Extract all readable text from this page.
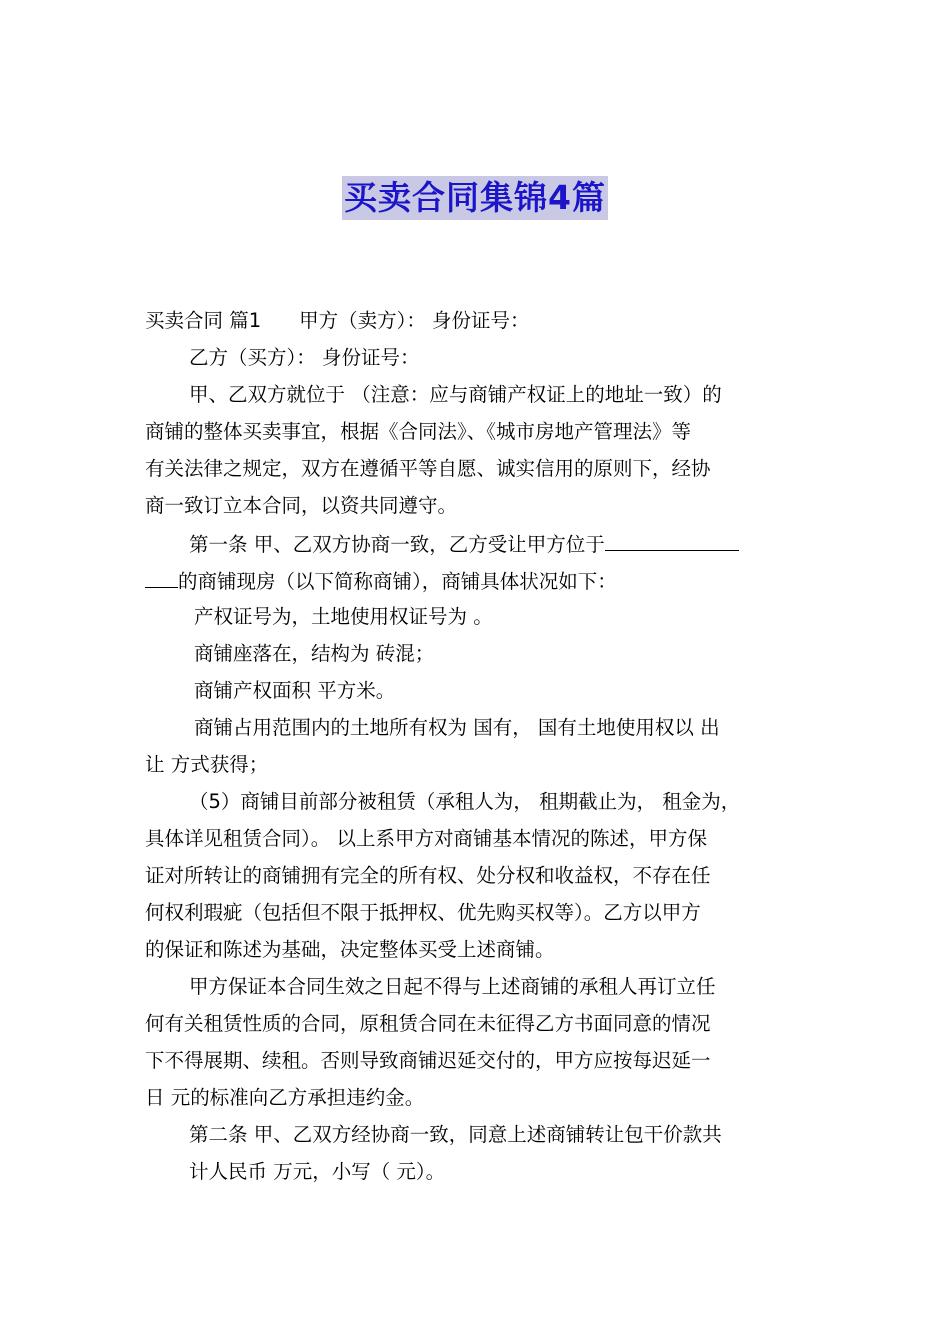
买卖合同集锦4篇
买卖合同 篇1 甲方（卖方）： 身份证号：
乙方（买方）： 身份证号：
甲、乙双方就位于 （注意：应与商铺产权证上的地址一致）的
商铺的整体买卖事宜，根据《合同法》、《城市房地产管理法》等
有关法律之规定，双方在遵循平等自愿、诚实信用的原则下，经协
商一致订立本合同，以资共同遵守。
第一条 甲、乙双方协商一致，乙方受让甲方位于
的商铺现房（以下简称商铺），商铺具体状况如下：
产权证号为，土地使用权证号为 。
商铺座落在，结构为 砖混；
商铺产权面积 平方米。
商铺占用范围内的土地所有权为 国有， 国有土地使用权以 出
让 方式获得；
（5）商铺目前部分被租赁（承租人为， 租期截止为， 租金为，
具体详见租赁合同）。 以上系甲方对商铺基本情况的陈述，甲方保
证对所转让的商铺拥有完全的所有权、处分权和收益权，不存在任
何权利瑕疵（包括但不限于抵押权、优先购买权等）。乙方以甲方
的保证和陈述为基础，决定整体买受上述商铺。
甲方保证本合同生效之日起不得与上述商铺的承租人再订立任
何有关租赁性质的合同，原租赁合同在未征得乙方书面同意的情况
下不得展期、续租。否则导致商铺迟延交付的，甲方应按每迟延一
日 元的标准向乙方承担违约金。
第二条 甲、乙双方经协商一致，同意上述商铺转让包干价款共
计人民币 万元，小写（ 元）。
